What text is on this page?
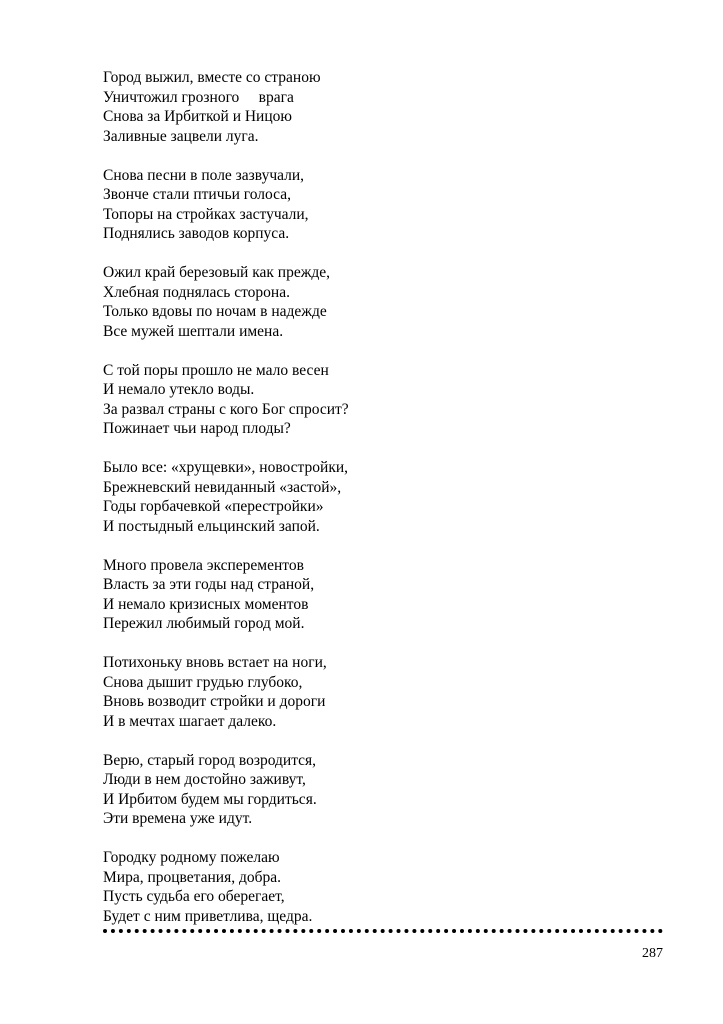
Город выжил, вместе со страною
Уничтожил грозного     врага
Снова за Ирбиткой и Ницою
Заливные зацвели луга.
Снова песни в поле зазвучали,
Звонче стали птичьи голоса,
Топоры на стройках застучали,
Поднялись заводов корпуса.
Ожил край березовый как прежде,
Хлебная поднялась сторона.
Только вдовы по ночам в надежде
Все мужей шептали имена.
С той поры прошло не мало весен
И немало утекло воды.
За развал страны с кого Бог спросит?
Пожинает чьи народ плоды?
Было все: «хрущевки», новостройки,
Брежневский невиданный «застой»,
Годы горбачевкой «перестройки»
И постыдный ельцинский запой.
Много провела эксперементов
Власть за эти годы над страной,
И немало кризисных моментов
Пережил любимый город мой.
Потихоньку вновь встает на ноги,
Снова дышит грудью глубоко,
Вновь возводит стройки и дороги
И в мечтах шагает далеко.
Верю, старый город возродится,
Люди в нем достойно заживут,
И Ирбитом будем мы гордиться.
Эти времена уже идут.
Городку родному пожелаю
Мира, процветания, добра.
Пусть судьба его оберегает,
Будет с ним приветлива, щедра.
287
